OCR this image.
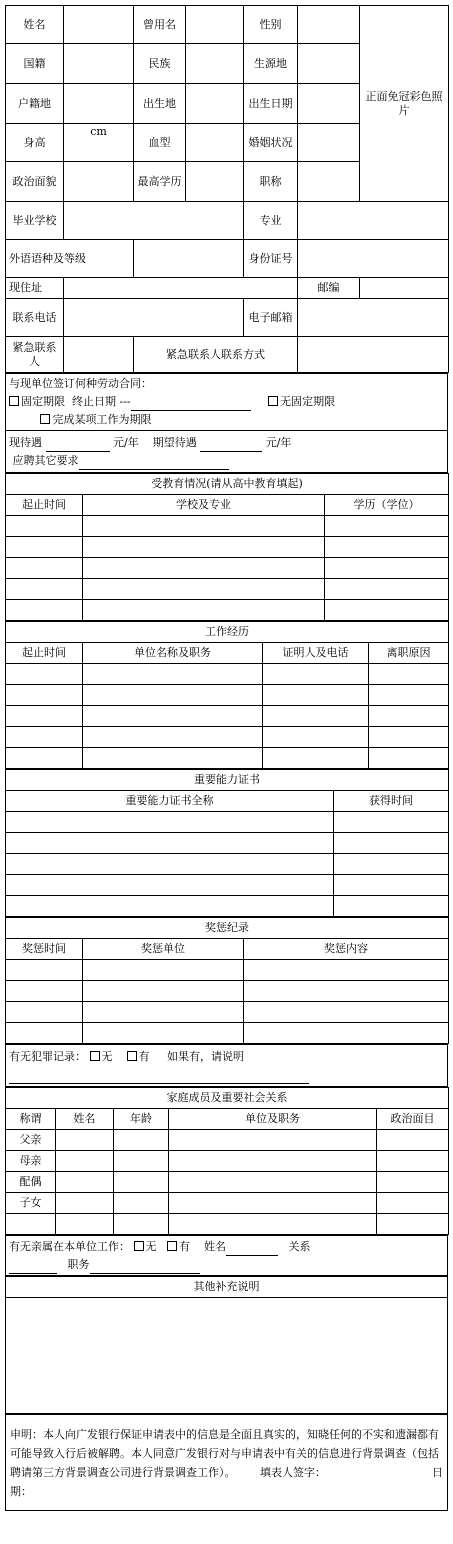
姓名		曾用名		性别		正面免冠彩色照片
国籍		民族		生源地		
户籍地		出生地		出生日期		
身高	cm	血型		婚姻状况		
政治面貌		最高学历		职称		
毕业学校				专业		
外语语种及等级				身份证号		
现住址					邮编	
联系电话				电子邮箱		
紧急联系人		紧急联系人联系方式				
与现单位签订何种劳动合同：
固定期限 终止日期 ---	无固定期限
完成某项工作为期限
现待遇	元/年 期望待遇	元/年
应聘其它要求
受教育情况(请从高中教育填起)		
起止时间	学校及专业	学历（学位）

工作经历			
起止时间	单位名称及职务	证明人及电话	离职原因

重要能力证书	
重要能力证书全称	获得时间

奖惩纪录		
奖惩时间	奖惩单位	奖惩内容

有无犯罪记录： 无 有 如果有，请说明

家庭成员及重要社会关系				
称谓	姓名	年龄	单位及职务	政治面目
父亲				
母亲				
配偶				
子女				

有无亲属在本单位工作： 无 有 姓名	关系
职务
其他补充说明

申明：本人向广发银行保证申请表中的信息是全面且真实的，知晓任何的不实和遗漏都有可能导致入行后被解聘。本人同意广发银行对与申请表中有关的信息进行背景调查（包括聘请第三方背景调查公司进行背景调查工作）。 填表人签字：	日

期：
